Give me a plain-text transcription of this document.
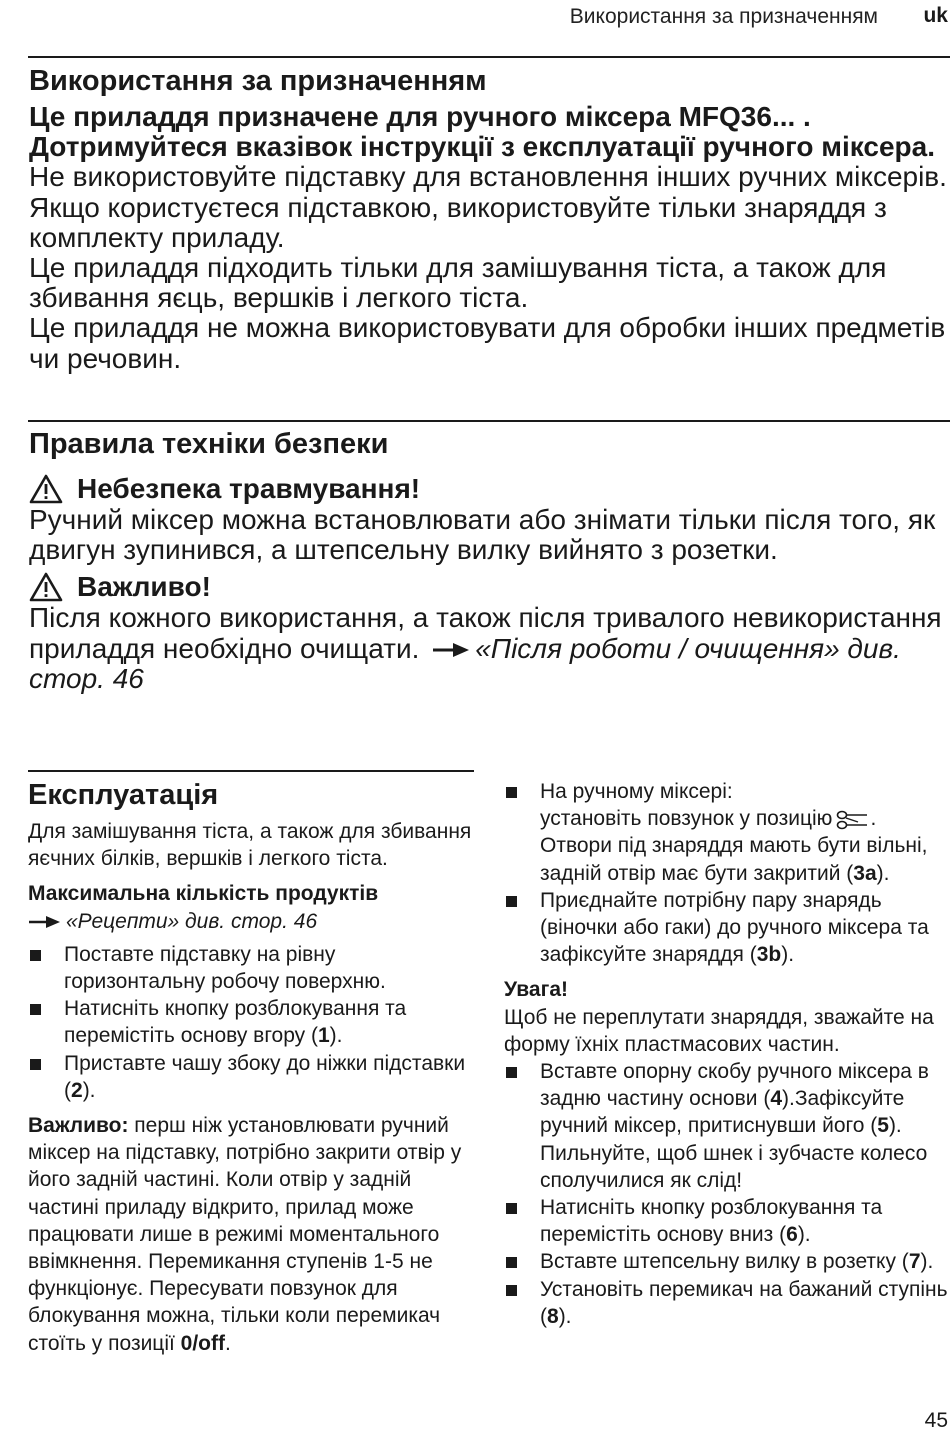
Використання за призначенням uk

Використання за призначенням

Це приладдя призначене для ручного міксера MFQ36... .
Дотримуйтеся вказівок інструкції з експлуатації ручного міксера. Не використовуйте підставку для встановлення інших ручних міксерів.

Якщо користуєтеся підставкою, використовуйте тільки знаряддя з комплекту приладу.

Це приладдя підходить тільки для замішування тіста, а також для збивання яєць, вершків і легкого тіста.

Це приладдя не можна використовувати для обробки інших предметів чи речовин.

Правила техніки безпеки

Небезпека травмування!

Ручний міксер можна встановлювати або знімати тільки після того, як двигун зупинився, а штепсельну вилку вийнято з розетки.

Важливо!

Після кожного використання, а також після тривалого невикористання приладдя необхідно очищати. «Після роботи / очищення» див. стор. 46

Експлуатація

Для замішування тіста, а також для збивання яєчних білків, вершків і легкого тіста.

Максимальна кількість продуктів

«Рецепти» див. стор. 46

Поставте підставку на рівну горизонтальну робочу поверхню.
Натисніть кнопку розблокування та перемістіть основу вгору (1).
Приставте чашу збоку до ніжки підставки (2).

Важливо: перш ніж установлювати ручний міксер на підставку, потрібно закрити отвір у його задній частині. Коли отвір у задній частині приладу відкрито, прилад може працювати лише в режимі моментального ввімкнення. Перемикання ступенів 1-5 не функціонує. Пересувати повзунок для блокування можна, тільки коли перемикач стоїть у позиції 0/off.

На ручному міксері:
установіть повзунок у позицію .
Отвори під знаряддя мають бути вільні, задній отвір має бути закритий (3a).
Приєднайте потрібну пару знарядь (віночки або гаки) до ручного міксера та зафіксуйте знаряддя (3b).

Увага!

Щоб не переплутати знаряддя, зважайте на форму їхніх пластмасових частин.

Вставте опорну скобу ручного міксера в задню частину основи (4).Зафіксуйте ручний міксер, притиснувши його (5). Пильнуйте, щоб шнек і зубчасте колесо сполучилися як слід!
Натисніть кнопку розблокування та перемістіть основу вниз (6).
Вставте штепсельну вилку в розетку (7).
Установіть перемикач на бажаний ступінь (8).
45
